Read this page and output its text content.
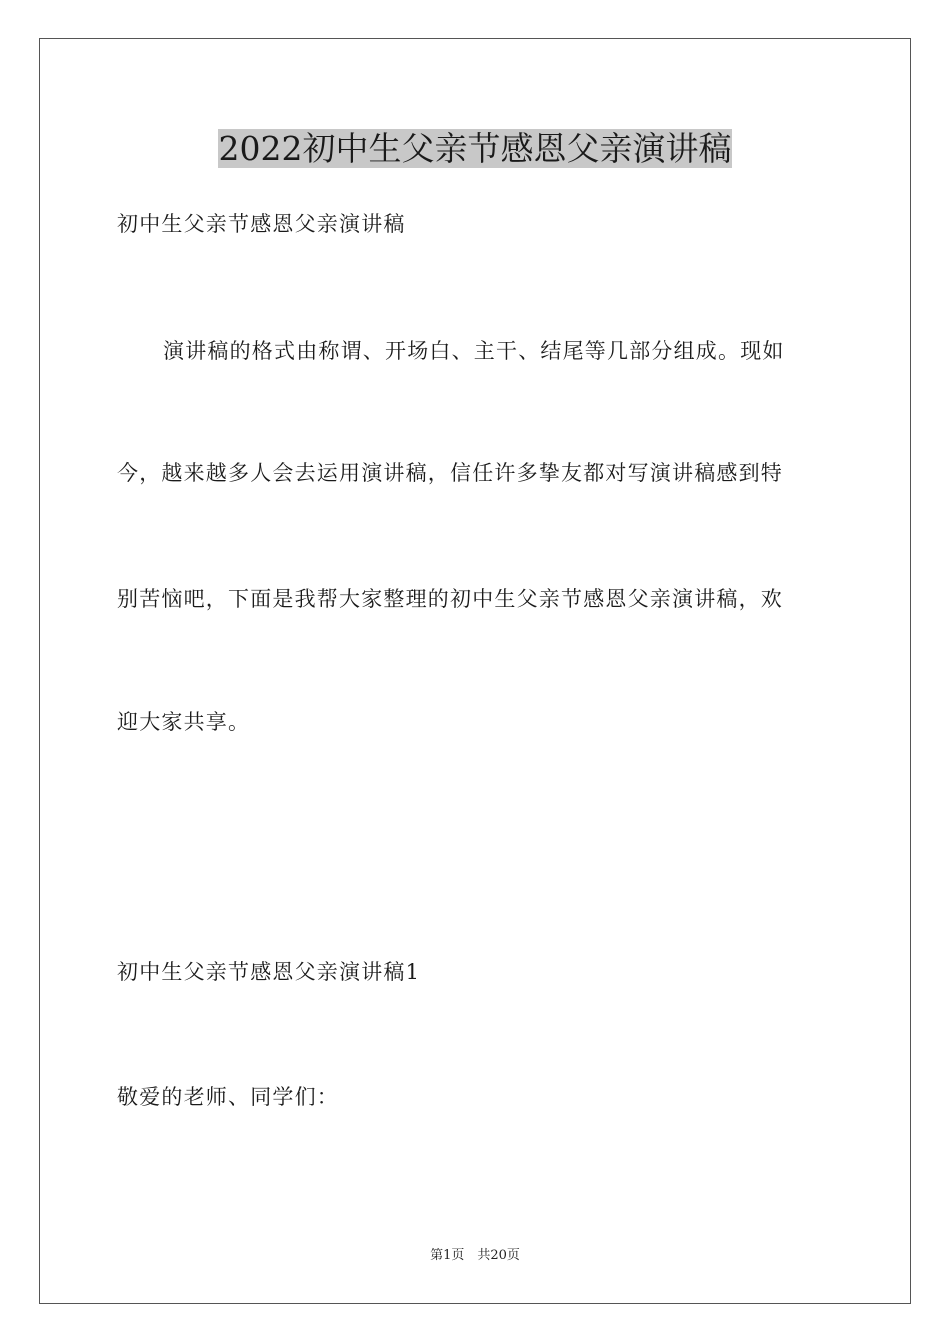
2022初中生父亲节感恩父亲演讲稿
初中生父亲节感恩父亲演讲稿
演讲稿的格式由称谓、开场白、主干、结尾等几部分组成。现如
今，越来越多人会去运用演讲稿，信任许多挚友都对写演讲稿感到特
别苦恼吧，下面是我帮大家整理的初中生父亲节感恩父亲演讲稿，欢
迎大家共享。
初中生父亲节感恩父亲演讲稿1
敬爱的老师、同学们：
第1页　共20页
